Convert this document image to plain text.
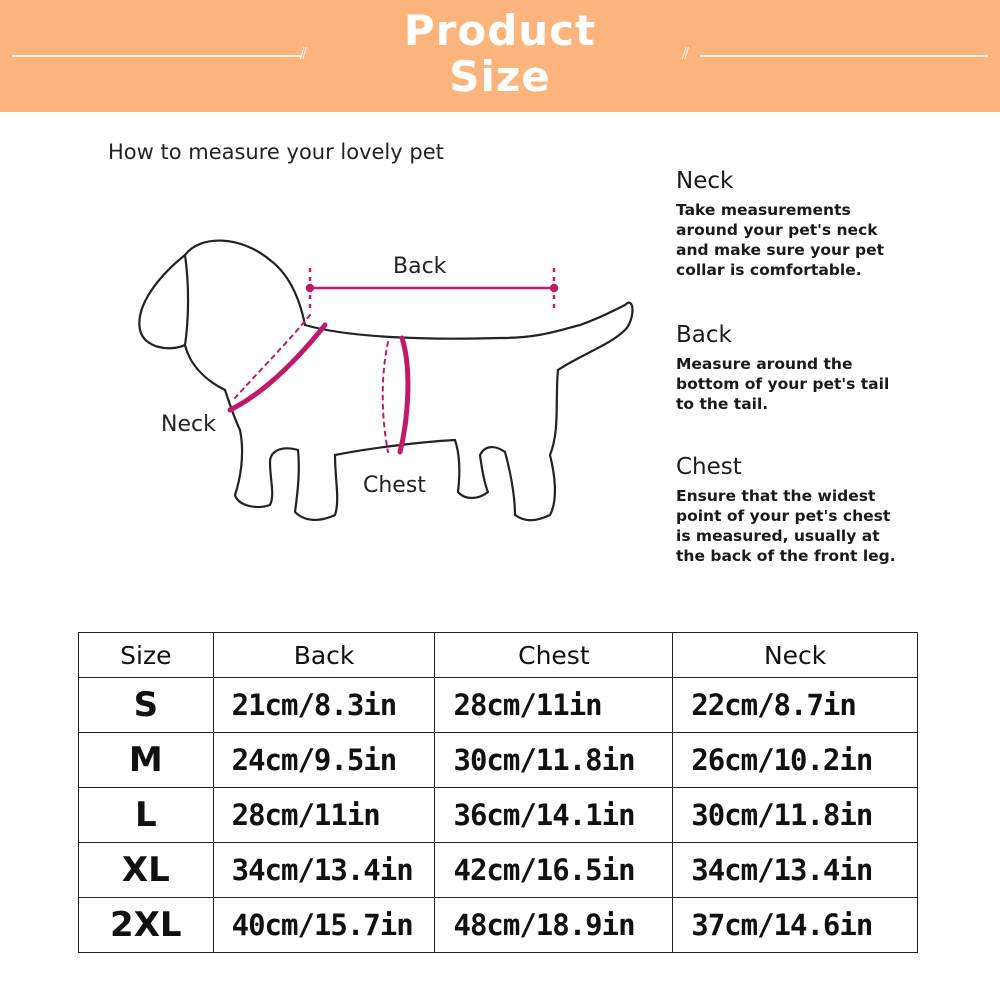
⫽	⫽
Product
Size
How to measure your lovely pet
Back
Neck
Chest
Neck

Take measurements around your pet's neck and make sure your pet collar is comfortable.

Back

Measure around the bottom of your pet's tail to the tail.

Chest

Ensure that the widest point of your pet's chest is measured, usually at the back of the front leg.

Size	Back	Chest	Neck
S	21cm/8.3in	28cm/11in	22cm/8.7in
M	24cm/9.5in	30cm/11.8in	26cm/10.2in
L	28cm/11in	36cm/14.1in	30cm/11.8in
XL	34cm/13.4in	42cm/16.5in	34cm/13.4in
2XL	40cm/15.7in	48cm/18.9in	37cm/14.6in
